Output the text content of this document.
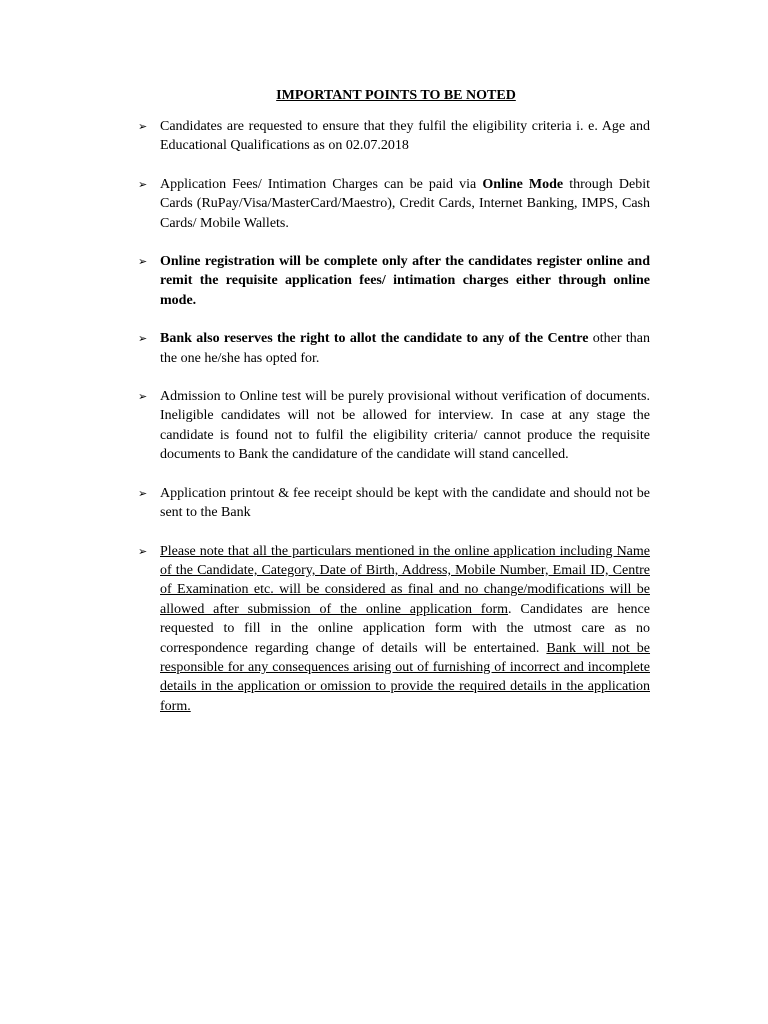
IMPORTANT POINTS TO BE NOTED
➢ Candidates are requested to ensure that they fulfil the eligibility criteria i. e. Age and Educational Qualifications as on 02.07.2018
➢ Application Fees/ Intimation Charges can be paid via Online Mode through Debit Cards (RuPay/Visa/MasterCard/Maestro), Credit Cards, Internet Banking, IMPS, Cash Cards/ Mobile Wallets.
➢ Online registration will be complete only after the candidates register online and remit the requisite application fees/ intimation charges either through online mode.
➢ Bank also reserves the right to allot the candidate to any of the Centre other than the one he/she has opted for.
➢ Admission to Online test will be purely provisional without verification of documents. Ineligible candidates will not be allowed for interview. In case at any stage the candidate is found not to fulfil the eligibility criteria/ cannot produce the requisite documents to Bank the candidature of the candidate will stand cancelled.
➢ Application printout & fee receipt should be kept with the candidate and should not be sent to the Bank
➢ Please note that all the particulars mentioned in the online application including Name of the Candidate, Category, Date of Birth, Address, Mobile Number, Email ID, Centre of Examination etc. will be considered as final and no change/modifications will be allowed after submission of the online application form. Candidates are hence requested to fill in the online application form with the utmost care as no correspondence regarding change of details will be entertained. Bank will not be responsible for any consequences arising out of furnishing of incorrect and incomplete details in the application or omission to provide the required details in the application form.
